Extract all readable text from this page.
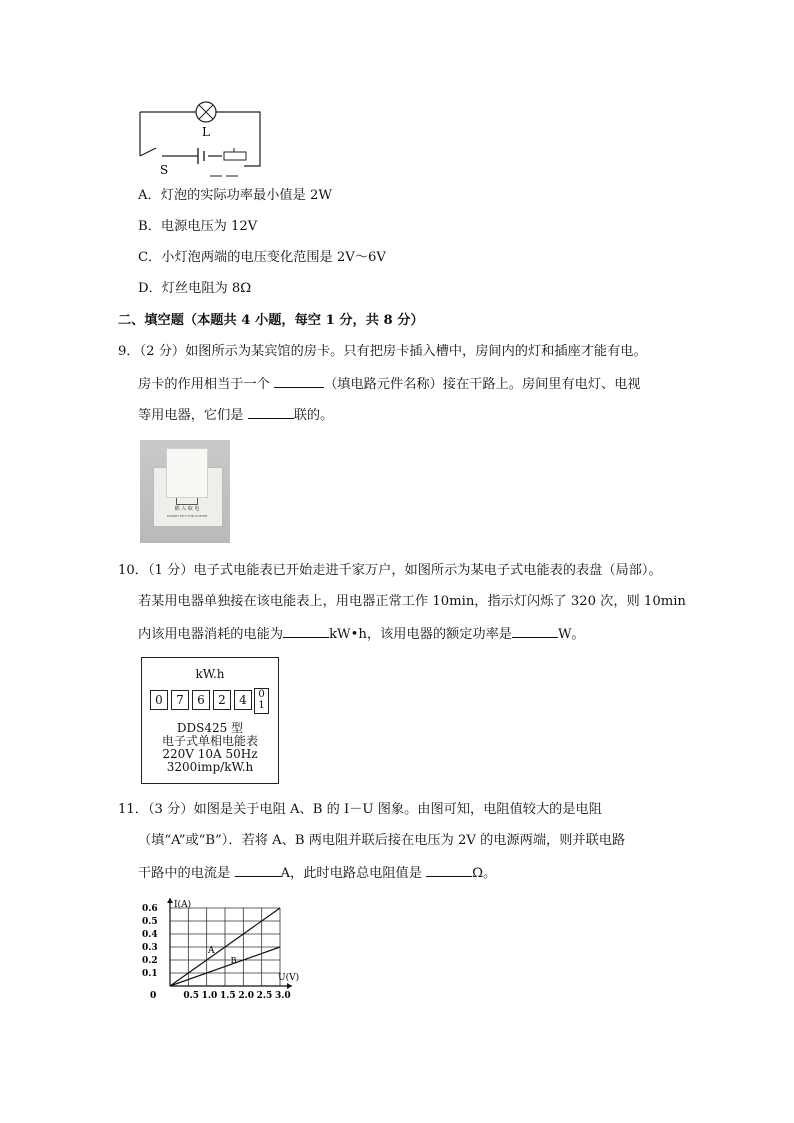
L
S
A．灯泡的实际功率最小值是 2W
B．电源电压为 12V
C．小灯泡两端的电压变化范围是 2V～6V
D．灯丝电阻为 8Ω
二、填空题（本题共 4 小题，每空 1 分，共 8 分）
9．（2 分）如图所示为某宾馆的房卡。只有把房卡插入槽中，房间内的灯和插座才能有电。
房卡的作用相当于一个	（填电路元件名称）接在干路上。房间里有电灯、电视
等用电器，它们是	联的。
插 入 取 电
INSERT KEY FOR POWER
10．（1 分）电子式电能表已开始走进千家万户，如图所示为某电子式电能表的表盘（局部）。
若某用电器单独接在该电能表上，用电器正常工作 10min，指示灯闪烁了 320 次，则 10min
内该用电器消耗的电能为	kW•h，该用电器的额定功率是	W。
kW.h
0	7	6	2	4	0
1
DDS425 型
电子式单相电能表
220V 10A 50Hz
3200imp/kW.h
11．（3 分）如图是关于电阻 A、B 的 I－U 图象。由图可知，电阻值较大的是电阻
（填“A”或“B”）．若将 A、B 两电阻并联后接在电压为 2V 的电源两端，则并联电路
干路中的电流是	A，此时电路总电阻值是	Ω。
A
B
0.5 1.0 1.5 2.0 2.5 3.0
0.1
0.2
0.3
0.4
0.5
0.6
0
I(A)
U(V)
